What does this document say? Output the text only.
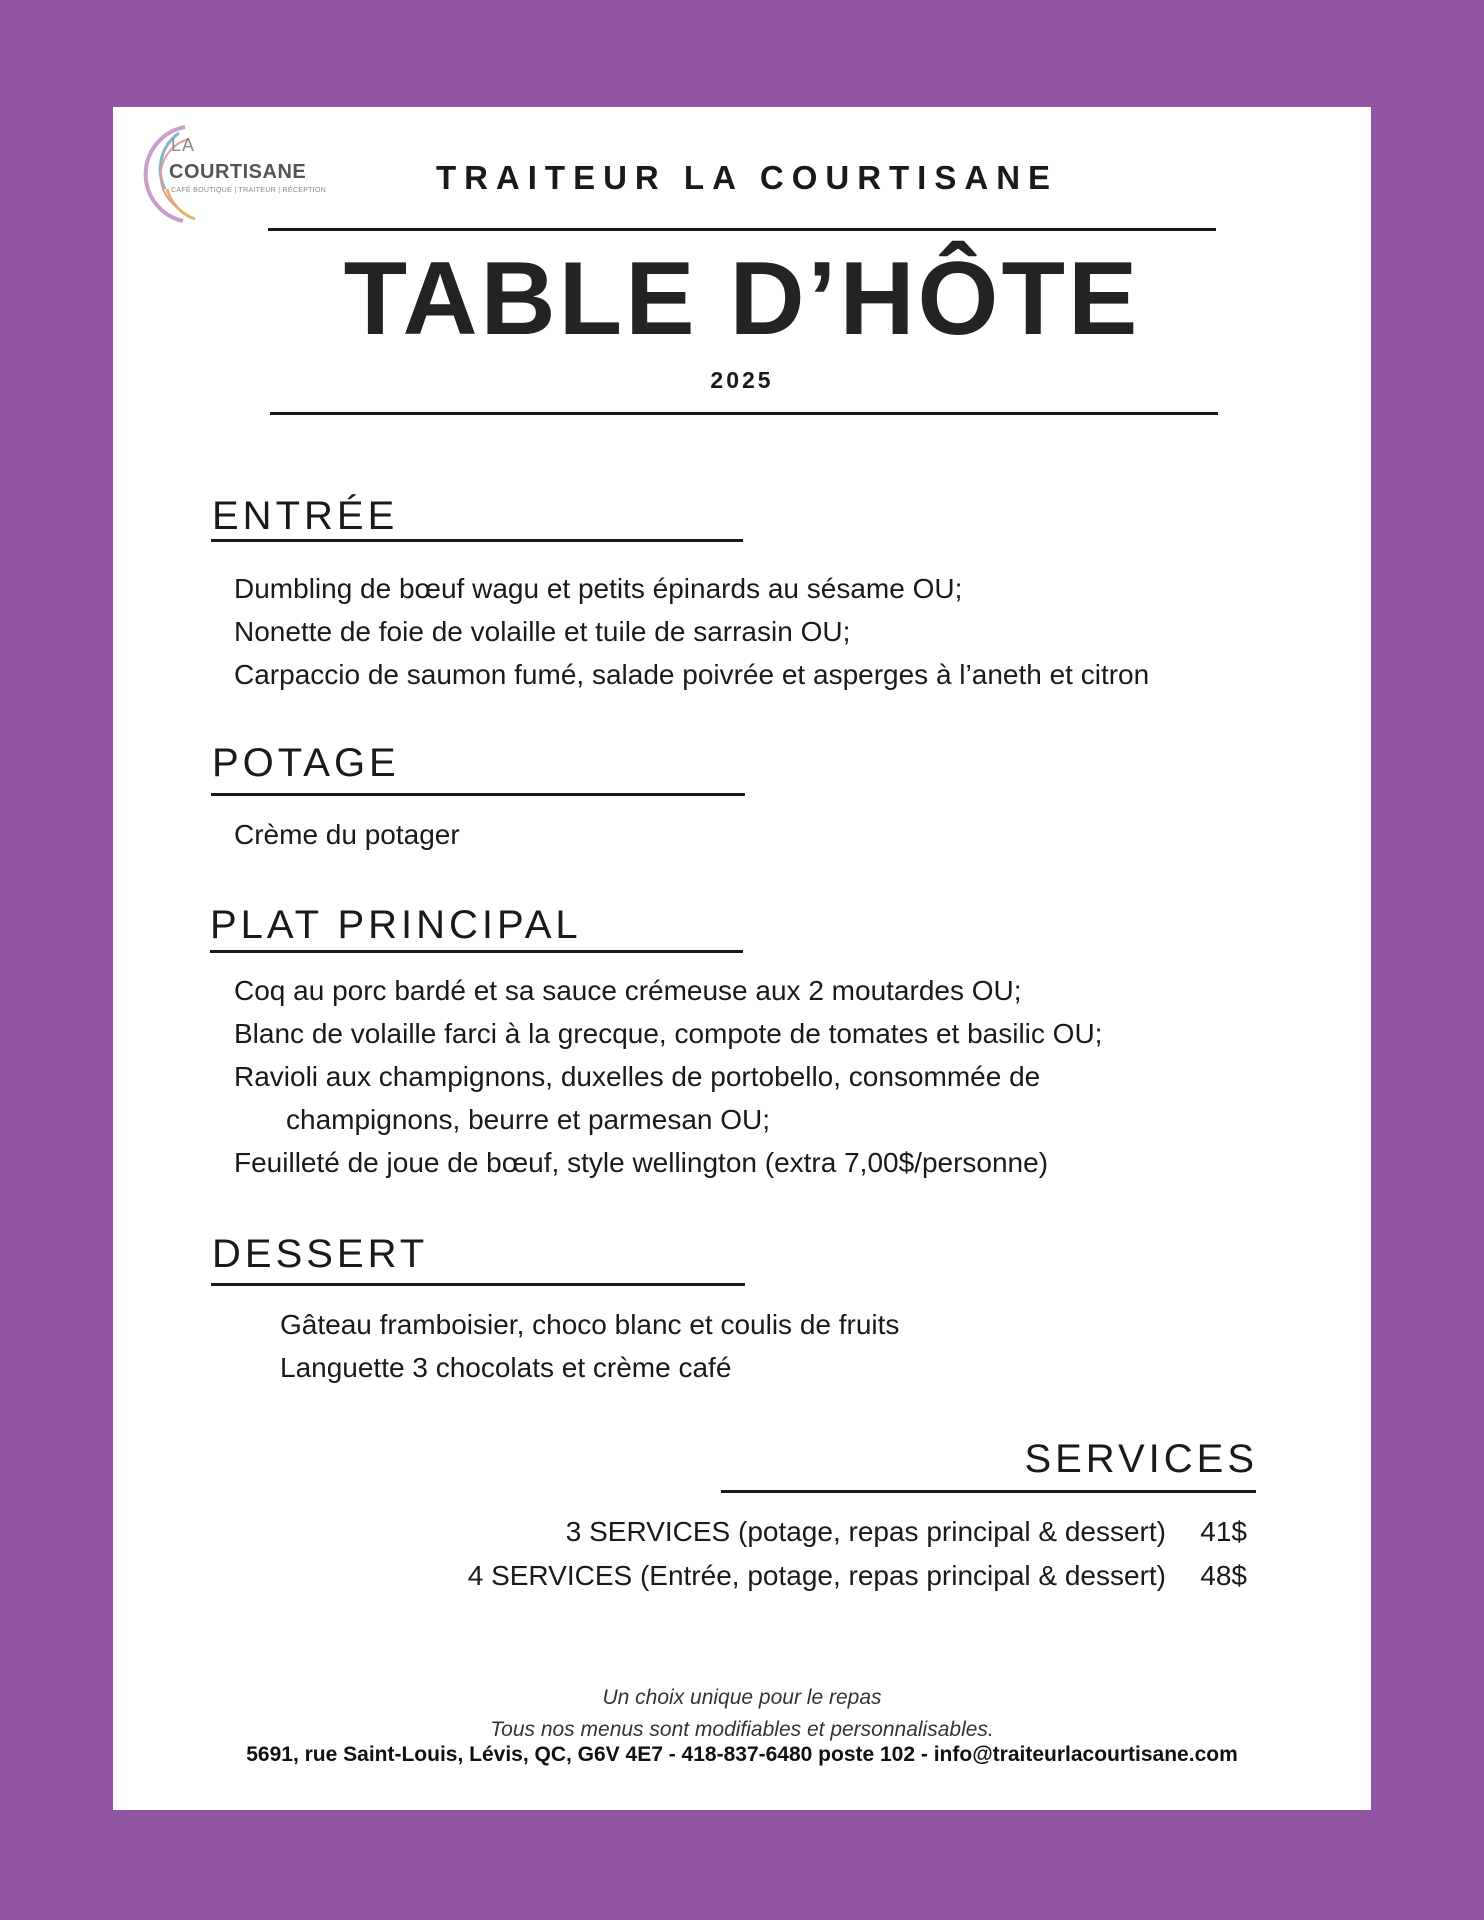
LA
COURTISANE
CAFÉ BOUTIQUE | TRAITEUR | RÉCEPTION	TRAITEUR LA COURTISANE
TABLE D’HÔTE
2025
ENTRÉE
Dumbling de bœuf wagu et petits épinards au sésame OU;
Nonette de foie de volaille et tuile de sarrasin OU;
Carpaccio de saumon fumé, salade poivrée et asperges à l’aneth et citron
POTAGE
Crème du potager
PLAT PRINCIPAL
Coq au porc bardé et sa sauce crémeuse aux 2 moutardes OU;
Blanc de volaille farci à la grecque, compote de tomates et basilic OU;
Ravioli aux champignons, duxelles de portobello, consommée de
champignons, beurre et parmesan OU;
Feuilleté de joue de bœuf, style wellington (extra 7,00$/personne)
DESSERT
Gâteau framboisier, choco blanc et coulis de fruits
Languette 3 chocolats et crème café
SERVICES
3 SERVICES (potage, repas principal & dessert) 41$
4 SERVICES (Entrée, potage, repas principal & dessert) 48$
Un choix unique pour le repas
Tous nos menus sont modifiables et personnalisables.
5691, rue Saint-Louis, Lévis, QC, G6V 4E7 - 418-837-6480 poste 102 - info@traiteurlacourtisane.com
